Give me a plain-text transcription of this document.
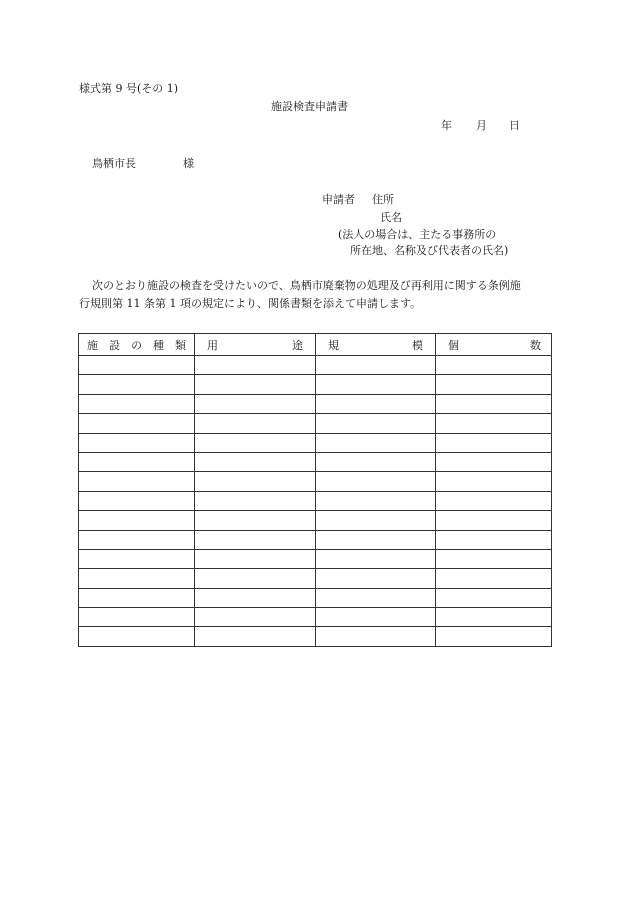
様式第 9 号(その 1)
施設検査申請書
年 月 日
鳥栖市長	様
申請者 住所
氏名
(法人の場合は、主たる事務所の
所在地、名称及び代表者の氏名)
次のとおり施設の検査を受けたいので、鳥栖市廃棄物の処理及び再利用に関する条例施
行規則第 11 条第 1 項の規定により、関係書類を添えて申請します。
施 設 の 種 類	用 途	規 模	個 数
